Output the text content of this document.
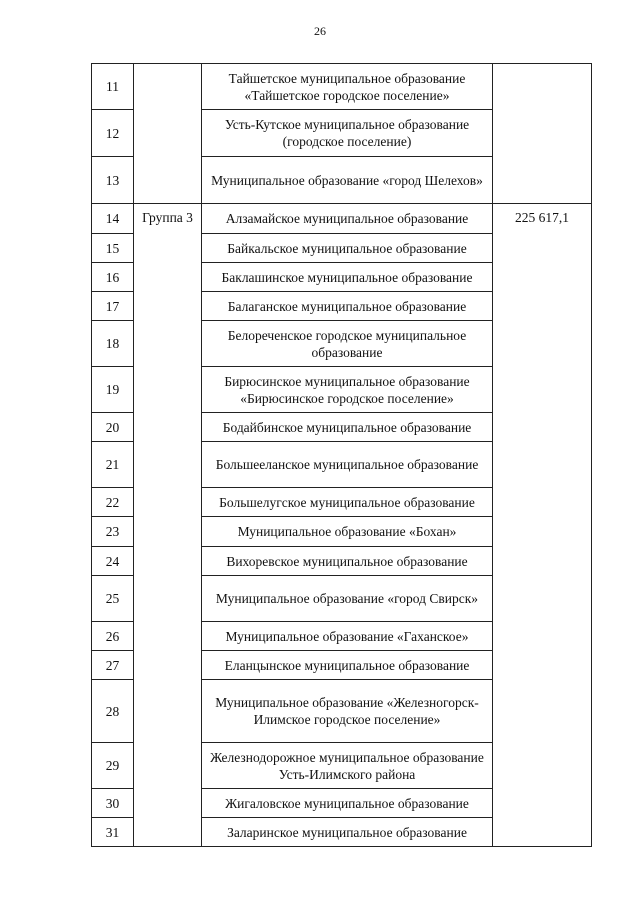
26
11		Тайшетское муниципальное образование «Тайшетское городское поселение»	
12		Усть-Кутское муниципальное образование (городское поселение)	
13		Муниципальное образование «город Шелехов»	
14	Группа 3	Алзамайское муниципальное образование	225 617,1
15		Байкальское муниципальное образование	
16		Баклашинское муниципальное образование	
17		Балаганское муниципальное образование	
18		Белореченское городское муниципальное образование	
19		Бирюсинское муниципальное образование «Бирюсинское городское поселение»	
20		Бодайбинское муниципальное образование	
21		Большееланское муниципальное образование	
22		Большелугское муниципальное образование	
23		Муниципальное образование «Бохан»	
24		Вихоревское муниципальное образование	
25		Муниципальное образование «город Свирск»	
26		Муниципальное образование «Гаханское»	
27		Еланцынское муниципальное образование	
28		Муниципальное образование «Железногорск-Илимское городское поселение»	
29		Железнодорожное муниципальное образование Усть-Илимского района	
30		Жигаловское муниципальное образование	
31		Заларинское муниципальное образование	
